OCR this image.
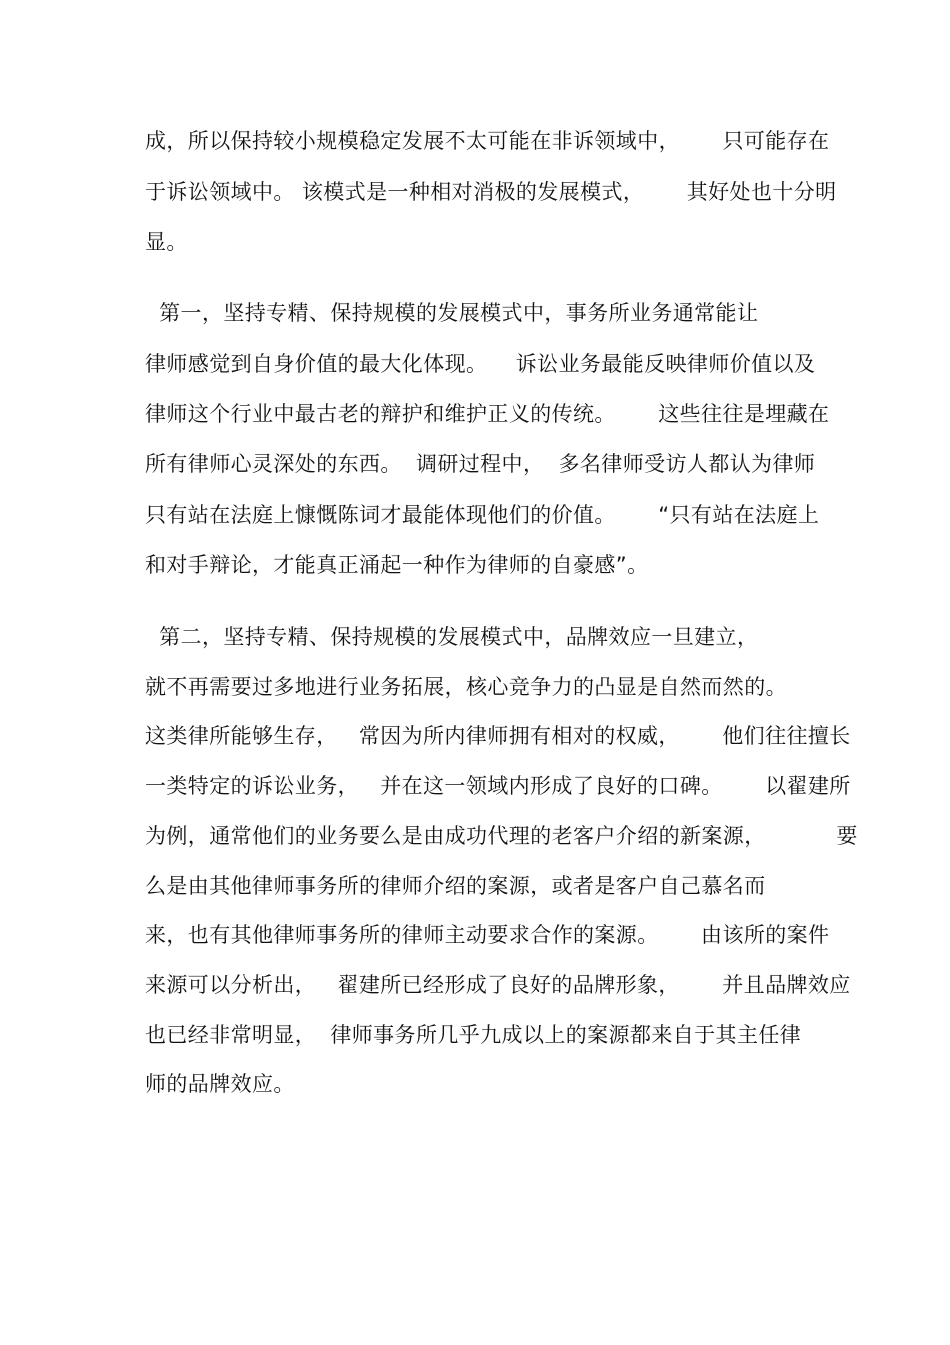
成，所以保持较小规模稳定发展不太可能在非诉领域中，      只可能存在
于诉讼领域中。 该模式是一种相对消极的发展模式，      其好处也十分明
显。
第一，坚持专精、保持规模的发展模式中，事务所业务通常能让
律师感觉到自身价值的最大化体现。    诉讼业务最能反映律师价值以及
律师这个行业中最古老的辩护和维护正义的传统。      这些往往是埋藏在
所有律师心灵深处的东西。  调研过程中，  多名律师受访人都认为律师
只有站在法庭上慷慨陈词才最能体现他们的价值。      “只有站在法庭上
和对手辩论，才能真正涌起一种作为律师的自豪感”。
第二，坚持专精、保持规模的发展模式中，品牌效应一旦建立，
就不再需要过多地进行业务拓展，核心竞争力的凸显是自然而然的。
这类律所能够生存，   常因为所内律师拥有相对的权威，      他们往往擅长
一类特定的诉讼业务，   并在这一领域内形成了良好的口碑。      以翟建所
为例，通常他们的业务要么是由成功代理的老客户介绍的新案源，          要
么是由其他律师事务所的律师介绍的案源，或者是客户自己慕名而
来，也有其他律师事务所的律师主动要求合作的案源。      由该所的案件
来源可以分析出，   翟建所已经形成了良好的品牌形象，      并且品牌效应
也已经非常明显，  律师事务所几乎九成以上的案源都来自于其主任律
师的品牌效应。
